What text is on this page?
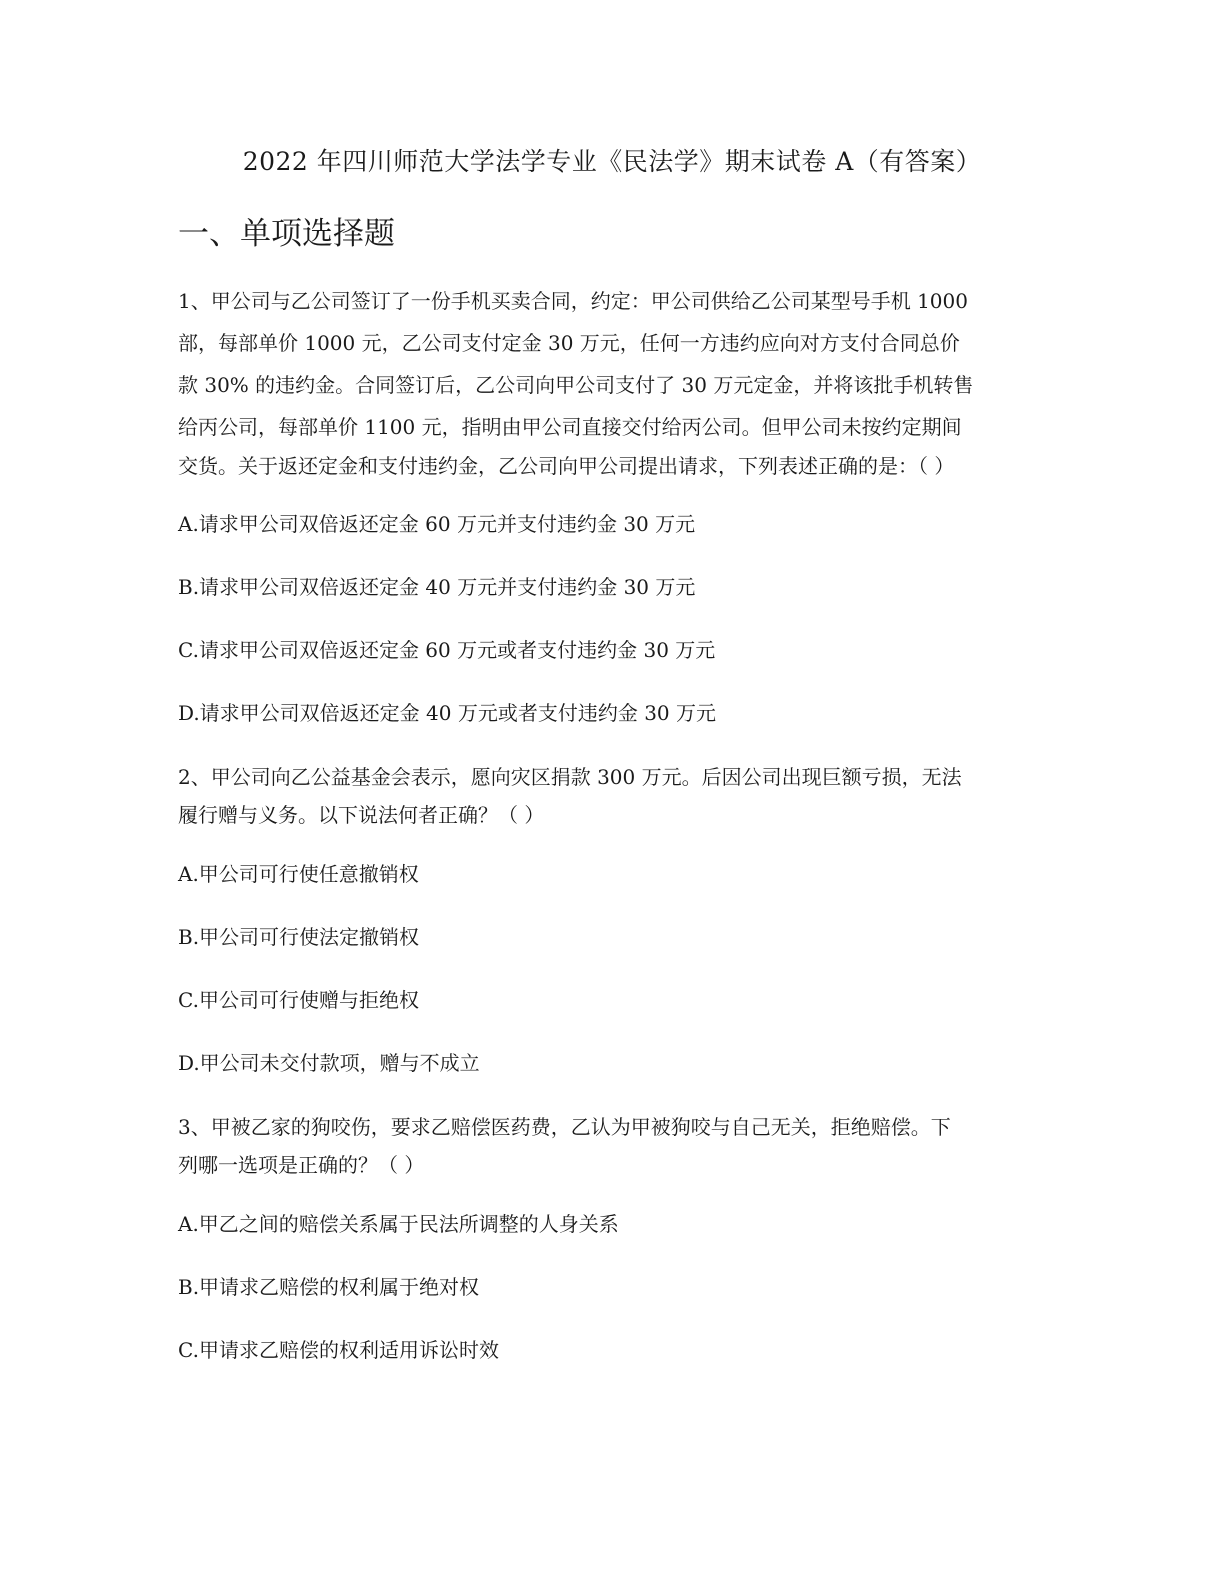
2022 年四川师范大学法学专业《民法学》期末试卷 A（有答案）
一、单项选择题
1、甲公司与乙公司签订了一份手机买卖合同，约定：甲公司供给乙公司某型号手机 1000
部，每部单价 1000 元，乙公司支付定金 30 万元，任何一方违约应向对方支付合同总价
款 30% 的违约金。合同签订后，乙公司向甲公司支付了 30 万元定金，并将该批手机转售
给丙公司，每部单价 1100 元，指明由甲公司直接交付给丙公司。但甲公司未按约定期间
交货。关于返还定金和支付违约金，乙公司向甲公司提出请求，下列表述正确的是：（ ）
A.请求甲公司双倍返还定金 60 万元并支付违约金 30 万元
B.请求甲公司双倍返还定金 40 万元并支付违约金 30 万元
C.请求甲公司双倍返还定金 60 万元或者支付违约金 30 万元
D.请求甲公司双倍返还定金 40 万元或者支付违约金 30 万元
2、甲公司向乙公益基金会表示，愿向灾区捐款 300 万元。后因公司出现巨额亏损，无法
履行赠与义务。以下说法何者正确？（ ）
A.甲公司可行使任意撤销权
B.甲公司可行使法定撤销权
C.甲公司可行使赠与拒绝权
D.甲公司未交付款项，赠与不成立
3、甲被乙家的狗咬伤，要求乙赔偿医药费，乙认为甲被狗咬与自己无关，拒绝赔偿。下
列哪一选项是正确的？（ ）
A.甲乙之间的赔偿关系属于民法所调整的人身关系
B.甲请求乙赔偿的权利属于绝对权
C.甲请求乙赔偿的权利适用诉讼时效
